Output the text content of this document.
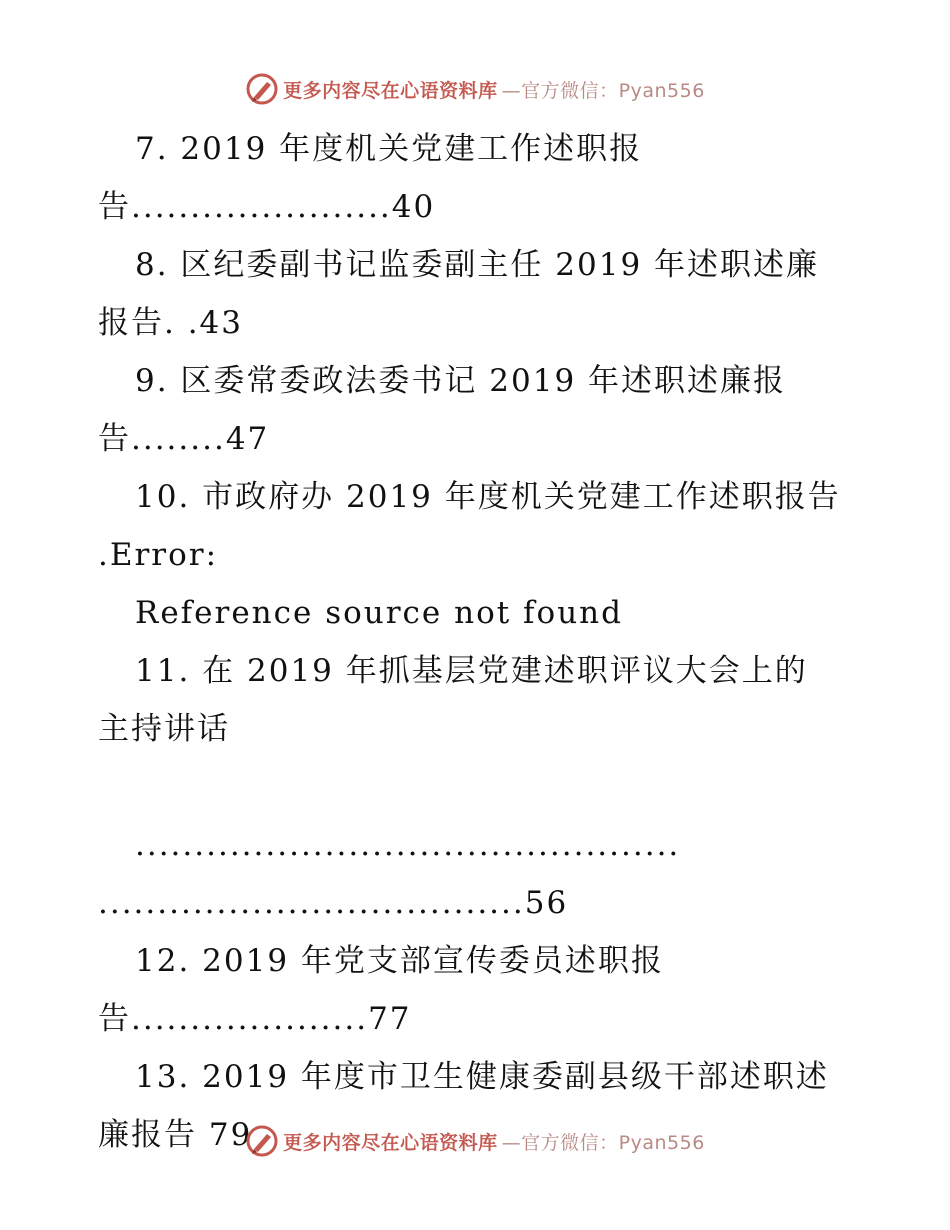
更多内容尽在心语资料库 —官方微信：Pyan556
7. 2019 年度机关党建工作述职报
告......................40
8. 区纪委副书记监委副主任 2019 年述职述廉
报告. .43
9. 区委常委政法委书记 2019 年述职述廉报
告........47
10. 市政府办 2019 年度机关党建工作述职报告
.Error:
Reference source not found
11. 在 2019 年抓基层党建述职评议大会上的
主持讲话
..............................................
....................................56
12. 2019 年党支部宣传委员述职报
告....................77
13. 2019 年度市卫生健康委副县级干部述职述
廉报告 79	更多内容尽在心语资料库 —官方微信：Pyan556
